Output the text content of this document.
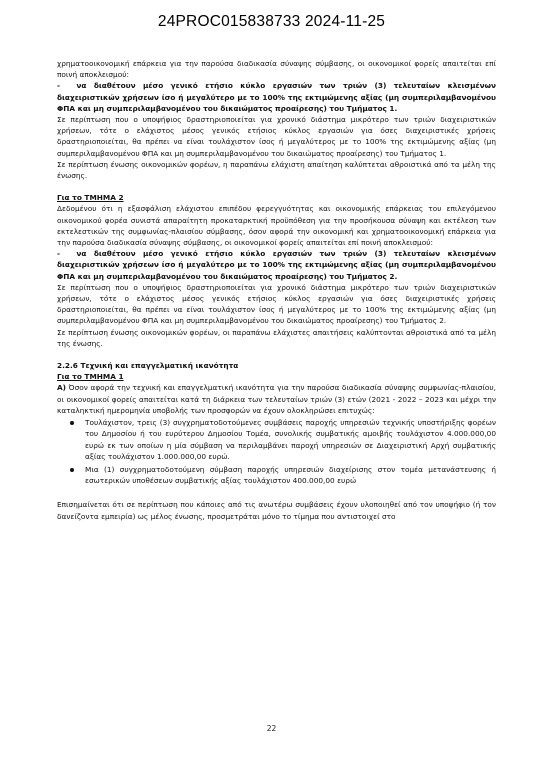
24PROC015838733 2024-11-25

χρηματοοικονομική επάρκεια για την παρούσα διαδικασία σύναψης σύμβασης, οι οικονομικοί φορείς απαιτείται επί ποινή αποκλεισμού:

- να διαθέτουν μέσο γενικό ετήσιο κύκλο εργασιών των τριών (3) τελευταίων κλεισμένων διαχειριστικών χρήσεων ίσο ή μεγαλύτερο με το 100% της εκτιμώμενης αξίας (μη συμπεριλαμβανομένου ΦΠΑ και μη συμπεριλαμβανομένου του δικαιώματος προαίρεσης) του Τμήματος 1.

Σε περίπτωση που ο υποψήφιος δραστηριοποιείται για χρονικό διάστημα μικρότερο των τριών διαχειριστικών χρήσεων, τότε ο ελάχιστος μέσος γενικός ετήσιος κύκλος εργασιών για όσες διαχειριστικές χρήσεις δραστηριοποιείται, θα πρέπει να είναι τουλάχιστον ίσος ή μεγαλύτερος με το 100% της εκτιμώμενης αξίας (μη συμπεριλαμβανομένου ΦΠΑ και μη συμπεριλαμβανομένου του δικαιώματος προαίρεσης) του Τμήματος 1.

Σε περίπτωση ένωσης οικονομικών φορέων, η παραπάνω ελάχιστη απαίτηση καλύπτεται αθροιστικά από τα μέλη της ένωσης.

Για το ΤΜΗΜΑ 2

Δεδομένου ότι η εξασφάλιση ελάχιστου επιπέδου φερεγγυότητας και οικονομικής επάρκειας του επιλεγόμενου οικονομικού φορέα συνιστά απαραίτητη προκαταρκτική προϋπόθεση για την προσήκουσα σύναψη και εκτέλεση των εκτελεστικών της συμφωνίας-πλαισίου σύμβασης, όσον αφορά την οικονομική και χρηματοοικονομική επάρκεια για την παρούσα διαδικασία σύναψης σύμβασης, οι οικονομικοί φορείς απαιτείται επί ποινή αποκλεισμού:

- να διαθέτουν μέσο γενικό ετήσιο κύκλο εργασιών των τριών (3) τελευταίων κλεισμένων διαχειριστικών χρήσεων ίσο ή μεγαλύτερο με το 100% της εκτιμώμενης αξίας (μη συμπεριλαμβανομένου ΦΠΑ και μη συμπεριλαμβανομένου του δικαιώματος προαίρεσης) του Τμήματος 2.

Σε περίπτωση που ο υποψήφιος δραστηριοποιείται για χρονικό διάστημα μικρότερο των τριών διαχειριστικών χρήσεων, τότε ο ελάχιστος μέσος γενικός ετήσιος κύκλος εργασιών για όσες διαχειριστικές χρήσεις δραστηριοποιείται, θα πρέπει να είναι τουλάχιστον ίσος ή μεγαλύτερος με το 100% της εκτιμώμενης αξίας (μη συμπεριλαμβανομένου ΦΠΑ και μη συμπεριλαμβανομένου του δικαιώματος προαίρεσης) του Τμήματος 2.

Σε περίπτωση ένωσης οικονομικών φορέων, οι παραπάνω ελάχιστες απαιτήσεις καλύπτονται αθροιστικά από τα μέλη της ένωσης.

2.2.6 Τεχνική και επαγγελματική ικανότητα

Για το ΤΜΗΜΑ 1

Α) Όσον αφορά την τεχνική και επαγγελματική ικανότητα για την παρούσα διαδικασία σύναψης συμφωνίας-πλαισίου, οι οικονομικοί φορείς απαιτείται κατά τη διάρκεια των τελευταίων τριών (3) ετών (2021 - 2022 – 2023 και μέχρι την καταληκτική ημερομηνία υποβολής των προσφορών να έχουν ολοκληρώσει επιτυχώς:

Τουλάχιστον, τρεις (3) συγχρηματοδοτούμενες συμβάσεις παροχής υπηρεσιών τεχνικής υποστήριξης φορέων του Δημοσίου ή του ευρύτερου Δημοσίου Τομέα, συνολικής συμβατικής αμοιβής τουλάχιστον 4.000.000,00 ευρώ εκ των οποίων η μία σύμβαση να περιλαμβάνει παροχή υπηρεσιών σε Διαχειριστική Αρχή συμβατικής αξίας τουλάχιστον 1.000.000,00 ευρώ.
Μια (1) συγχρηματοδοτούμενη σύμβαση παροχής υπηρεσιών διαχείρισης στον τομέα μετανάστευσης ή εσωτερικών υποθέσεων συμβατικής αξίας τουλάχιστον 400.000,00 ευρώ

Επισημαίνεται ότι σε περίπτωση που κάποιες από τις ανωτέρω συμβάσεις έχουν υλοποιηθεί από τον υποψήφιο (ή τον δανείζοντα εμπειρία) ως μέλος ένωσης, προσμετράται μόνο το τίμημα που αντιστοιχεί στο

22
